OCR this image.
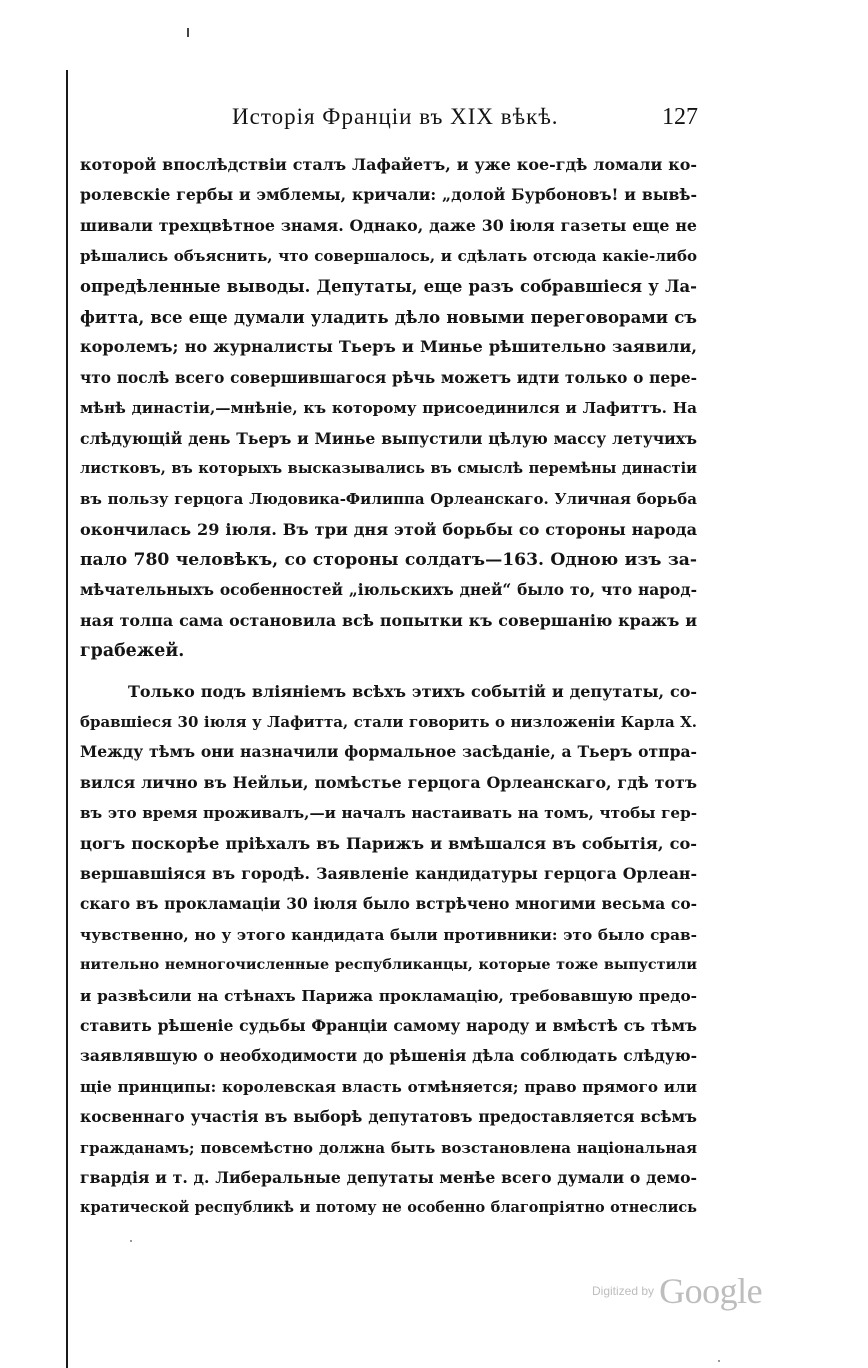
Исторiя Франціи въ XIX вѣкѣ.	127
которой впослѣдствіи сталъ Лафайетъ, и уже кое-гдѣ ломали ко-
ролевскіе гербы и эмблемы, кричали: „долой Бурбоновъ! и вывѣ-
шивали трехцвѣтное знамя. Однако, даже 30 іюля газеты еще не
рѣшались объяснить, что совершалось, и сдѣлать отсюда какіе-либо
опредѣленные выводы. Депутаты, еще разъ собравшіеся у Ла-
фитта, все еще думали уладить дѣло новыми переговорами съ
королемъ; но журналисты Тьеръ и Минье рѣшительно заявили,
что послѣ всего совершившагося рѣчь можетъ идти только о пере-
мѣнѣ династіи,—мнѣніе, къ которому присоединился и Лафиттъ. На
слѣдующій день Тьеръ и Минье выпустили цѣлую массу летучихъ
листковъ, въ которыхъ высказывались въ смыслѣ перемѣны династіи
въ пользу герцога Людовика-Филиппа Орлеанскаго. Уличная борьба
окончилась 29 іюля. Въ три дня этой борьбы со стороны народа
пало 780 человѣкъ, со стороны солдатъ—163. Одною изъ за-
мѣчательныхъ особенностей „іюльскихъ дней“ было то, что народ-
ная толпа сама остановила всѣ попытки къ совершанію кражъ и
грабежей.
Только подъ вліяніемъ всѣхъ этихъ событій и депутаты, со-
бравшіеся 30 іюля у Лафитта, стали говорить о низложеніи Карла X.
Между тѣмъ они назначили формальное засѣданіе, а Тьеръ отпра-
вился лично въ Нейльи, помѣстье герцога Орлеанскаго, гдѣ тотъ
въ это время проживалъ,—и началъ настаивать на томъ, чтобы гер-
цогъ поскорѣе пріѣхалъ въ Парижъ и вмѣшался въ событія, со-
вершавшіяся въ городѣ. Заявленіе кандидатуры герцога Орлеан-
скаго въ прокламаціи 30 іюля было встрѣчено многими весьма со-
чувственно, но у этого кандидата были противники: это было срав-
нительно немногочисленные республиканцы, которые тоже выпустили
и развѣсили на стѣнахъ Парижа прокламацію, требовавшую предо-
ставить рѣшеніе судьбы Франціи самому народу и вмѣстѣ съ тѣмъ
заявлявшую о необходимости до рѣшенія дѣла соблюдать слѣдую-
щіе принципы: королевская власть отмѣняется; право прямого или
косвеннаго участія въ выборѣ депутатовъ предоставляется всѣмъ
гражданамъ; повсемѣстно должна быть возстановлена національная
гвардія и т. д. Либеральные депутаты менѣе всего думали о демо-
кратической республикѣ и потому не особенно благопріятно отнеслись
Digitized by Google
